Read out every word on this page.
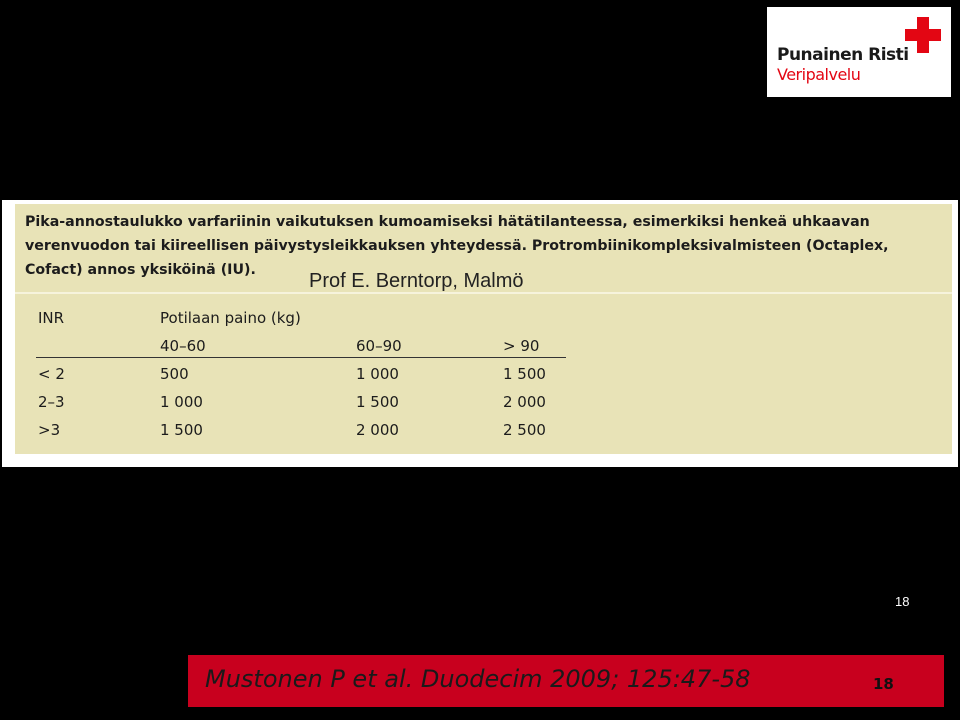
Punainen Risti
Veripalvelu

Pika-annostaulukko varfariinin vaikutuksen kumoamiseksi hätätilanteessa, esimerkiksi henkeä uhkaavan verenvuodon tai kiireellisen päivystysleikkauksen yhteydessä. Protrombiinikompleksivalmisteen (Octaplex, Cofact) annos yksiköinä (IU).	Prof E. Berntorp, Malmö
INR	Potilaan paino (kg)
40–60	60–90	> 90
< 2	500	1 000	1 500
2–3	1 000	1 500	2 000
>3	1 500	2 000	2 500
18
Mustonen P et al. Duodecim 2009; 125:47-58	18
